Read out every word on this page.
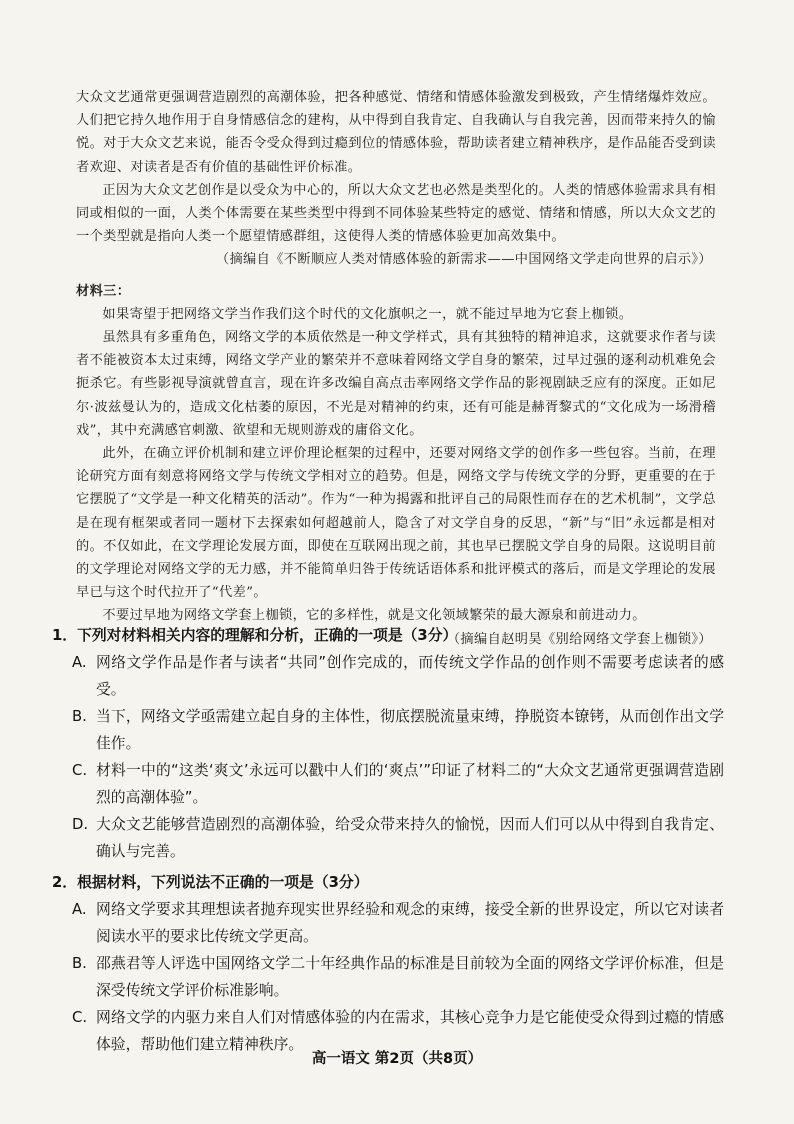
大众文艺通常更强调营造剧烈的高潮体验，把各种感觉、情绪和情感体验激发到极致，产生情绪爆炸效应。人们把它持久地作用于自身情感信念的建构，从中得到自我肯定、自我确认与自我完善，因而带来持久的愉悦。对于大众文艺来说，能否令受众得到过瘾到位的情感体验，帮助读者建立精神秩序，是作品能否受到读者欢迎、对读者是否有价值的基础性评价标准。

正因为大众文艺创作是以受众为中心的，所以大众文艺也必然是类型化的。人类的情感体验需求具有相同或相似的一面，人类个体需要在某些类型中得到不同体验某些特定的感觉、情绪和情感，所以大众文艺的一个类型就是指向人类一个愿望情感群组，这使得人类的情感体验更加高效集中。

（摘编自《不断顺应人类对情感体验的新需求——中国网络文学走向世界的启示》）

材料三：

如果寄望于把网络文学当作我们这个时代的文化旗帜之一，就不能过早地为它套上枷锁。

虽然具有多重角色，网络文学的本质依然是一种文学样式，具有其独特的精神追求，这就要求作者与读者不能被资本太过束缚，网络文学产业的繁荣并不意味着网络文学自身的繁荣，过早过强的逐利动机难免会扼杀它。有些影视导演就曾直言，现在许多改编自高点击率网络文学作品的影视剧缺乏应有的深度。正如尼尔·波兹曼认为的，造成文化枯萎的原因，不光是对精神的约束，还有可能是赫胥黎式的“文化成为一场滑稽戏”，其中充满感官刺激、欲望和无规则游戏的庸俗文化。

此外，在确立评价机制和建立评价理论框架的过程中，还要对网络文学的创作多一些包容。当前，在理论研究方面有刻意将网络文学与传统文学相对立的趋势。但是，网络文学与传统文学的分野，更重要的在于它摆脱了“文学是一种文化精英的活动”。作为“一种为揭露和批评自己的局限性而存在的艺术机制”，文学总是在现有框架或者同一题材下去探索如何超越前人，隐含了对文学自身的反思，“新”与“旧”永远都是相对的。不仅如此，在文学理论发展方面，即使在互联网出现之前，其也早已摆脱文学自身的局限。这说明目前的文学理论对网络文学的无力感，并不能简单归咎于传统话语体系和批评模式的落后，而是文学理论的发展早已与这个时代拉开了“代差”。

不要过早地为网络文学套上枷锁，它的多样性，就是文化领域繁荣的最大源泉和前进动力。

（摘编自赵明昊《别给网络文学套上枷锁》）

1．下列对材料相关内容的理解和分析，正确的一项是（3分）
A. 网络文学作品是作者与读者“共同”创作完成的，而传统文学作品的创作则不需要考虑读者的感受。
B. 当下，网络文学亟需建立起自身的主体性，彻底摆脱流量束缚，挣脱资本镣铐，从而创作出文学佳作。
C. 材料一中的“这类‘爽文’永远可以戳中人们的‘爽点’”印证了材料二的“大众文艺通常更强调营造剧烈的高潮体验”。
D. 大众文艺能够营造剧烈的高潮体验，给受众带来持久的愉悦，因而人们可以从中得到自我肯定、确认与完善。
2．根据材料，下列说法不正确的一项是（3分）
A. 网络文学要求其理想读者抛弃现实世界经验和观念的束缚，接受全新的世界设定，所以它对读者阅读水平的要求比传统文学更高。
B. 邵燕君等人评选中国网络文学二十年经典作品的标准是目前较为全面的网络文学评价标准，但是深受传统文学评价标准影响。
C. 网络文学的内驱力来自人们对情感体验的内在需求，其核心竞争力是它能使受众得到过瘾的情感体验，帮助他们建立精神秩序。
高一语文 第2页（共8页）
